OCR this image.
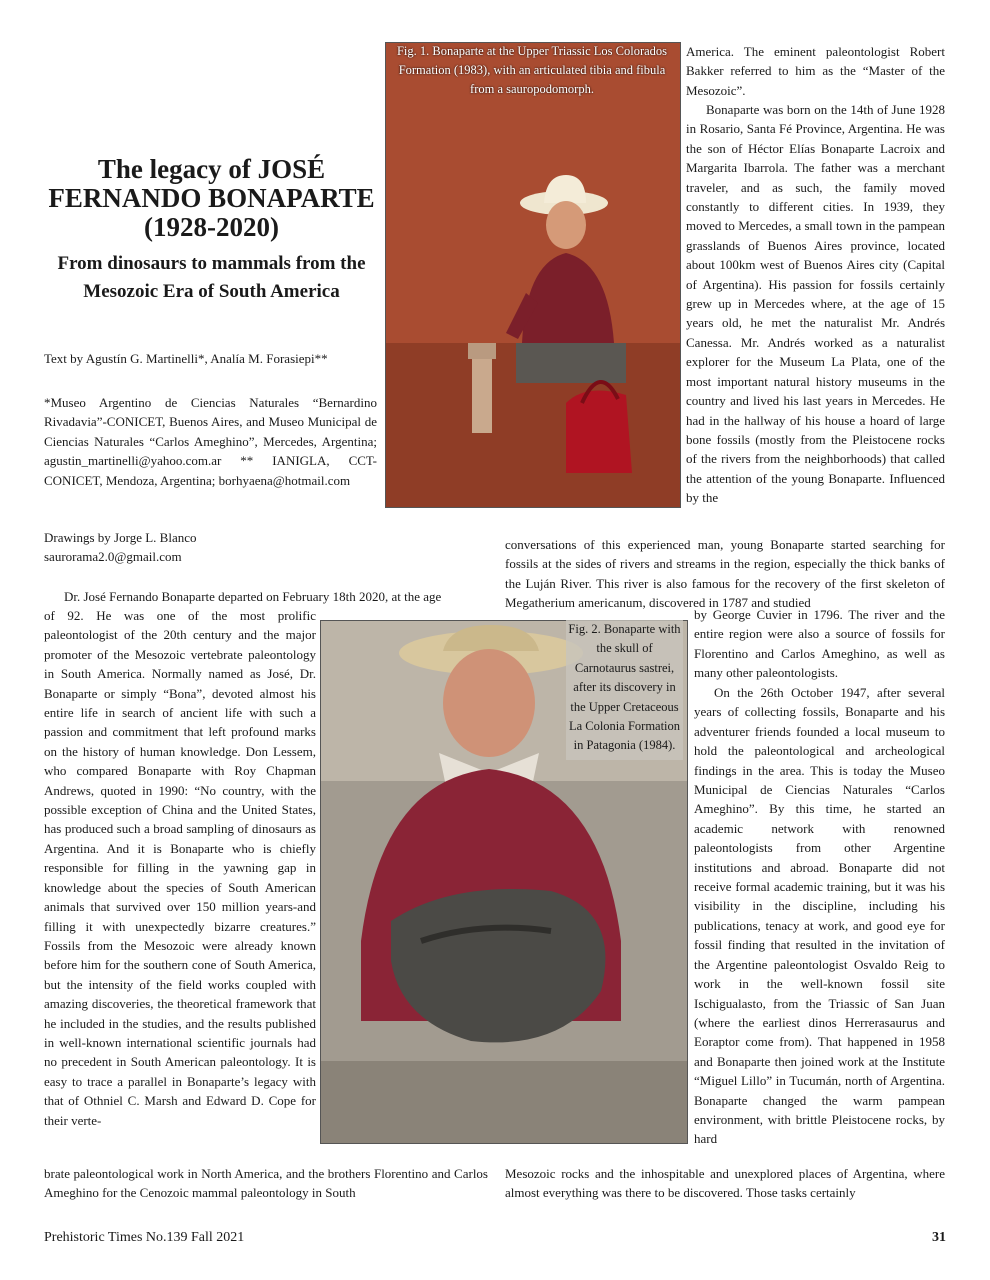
The legacy of JOSÉ FERNANDO BONAPARTE (1928-2020)
From dinosaurs to mammals from the Mesozoic Era of South America

Text by Agustín G. Martinelli*, Analía M. Forasiepi**

*Museo Argentino de Ciencias Naturales “Bernardino Rivadavia”-CONICET, Buenos Aires, and Museo Municipal de Ciencias Naturales “Carlos Ameghino”, Mercedes, Argentina; agustin_martinelli@yahoo.com.ar ** IANIGLA, CCT-CONICET, Mendoza, Argentina; borhyaena@hotmail.com

Drawings by Jorge L. Blanco

saurorama2.0@gmail.com

Fig. 1. Bonaparte at the Upper Triassic Los Colorados Formation (1983), with an articulated tibia and fibula from a sauropodomorph.
Fig. 2. Bonaparte with the skull of Carnotaurus sastrei, after its discovery in the Upper Cretaceous La Colonia Formation in Patagonia (1984).

America. The eminent paleontologist Robert Bakker referred to him as the “Master of the Mesozoic”.

Bonaparte was born on the 14th of June 1928 in Rosario, Santa Fé Province, Argentina. He was the son of Héctor Elías Bonaparte Lacroix and Margarita Ibarrola. The father was a merchant traveler, and as such, the family moved constantly to different cities. In 1939, they moved to Mercedes, a small town in the pampean grasslands of Buenos Aires province, located about 100km west of Buenos Aires city (Capital of Argentina). His passion for fossils certainly grew up in Mercedes where, at the age of 15 years old, he met the naturalist Mr. Andrés Canessa. Mr. Andrés worked as a naturalist explorer for the Museum La Plata, one of the most important natural history museums in the country and lived his last years in Mercedes. He had in the hallway of his house a hoard of large bone fossils (mostly from the Pleistocene rocks of the rivers from the neighborhoods) that called the attention of the young Bonaparte. Influenced by the

conversations of this experienced man, young Bonaparte started searching for fossils at the sides of rivers and streams in the region, especially the thick banks of the Luján River. This river is also famous for the recovery of the first skeleton of Megatherium americanum, discovered in 1787 and studied

by George Cuvier in 1796. The river and the entire region were also a source of fossils for Florentino and Carlos Ameghino, as well as many other paleontologists.

On the 26th October 1947, after several years of collecting fossils, Bonaparte and his adventurer friends founded a local museum to hold the paleontological and archeological findings in the area. This is today the Museo Municipal de Ciencias Naturales “Carlos Ameghino”. By this time, he started an academic network with renowned paleontologists from other Argentine institutions and abroad. Bonaparte did not receive formal academic training, but it was his visibility in the discipline, including his publications, tenacy at work, and good eye for fossil finding that resulted in the invitation of the Argentine paleontologist Osvaldo Reig to work in the well-known fossil site Ischigualasto, from the Triassic of San Juan (where the earliest dinos Herrerasaurus and Eoraptor come from). That happened in 1958 and Bonaparte then joined work at the Institute “Miguel Lillo” in Tucumán, north of Argentina. Bonaparte changed the warm pampean environment, with brittle Pleistocene rocks, by hard

Dr. José Fernando Bonaparte departed on February 18th 2020, at the age

of 92. He was one of the most prolific paleontologist of the 20th century and the major promoter of the Mesozoic vertebrate paleontology in South America. Normally named as José, Dr. Bonaparte or simply “Bona”, devoted almost his entire life in search of ancient life with such a passion and commitment that left profound marks on the history of human knowledge. Don Lessem, who compared Bonaparte with Roy Chapman Andrews, quoted in 1990: “No country, with the possible exception of China and the United States, has produced such a broad sampling of dinosaurs as Argentina. And it is Bonaparte who is chiefly responsible for filling in the yawning gap in knowledge about the species of South American animals that survived over 150 million years-and filling it with unexpectedly bizarre creatures.” Fossils from the Mesozoic were already known before him for the southern cone of South America, but the intensity of the field works coupled with amazing discoveries, the theoretical framework that he included in the studies, and the results published in well-known international scientific journals had no precedent in South American paleontology. It is easy to trace a parallel in Bonaparte’s legacy with that of Othniel C. Marsh and Edward D. Cope for their verte-

brate paleontological work in North America, and the brothers Florentino and Carlos Ameghino for the Cenozoic mammal paleontology in South

Mesozoic rocks and the inhospitable and unexplored places of Argentina, where almost everything was there to be discovered. Those tasks certainly

Prehistoric Times No.139 Fall 2021	31
